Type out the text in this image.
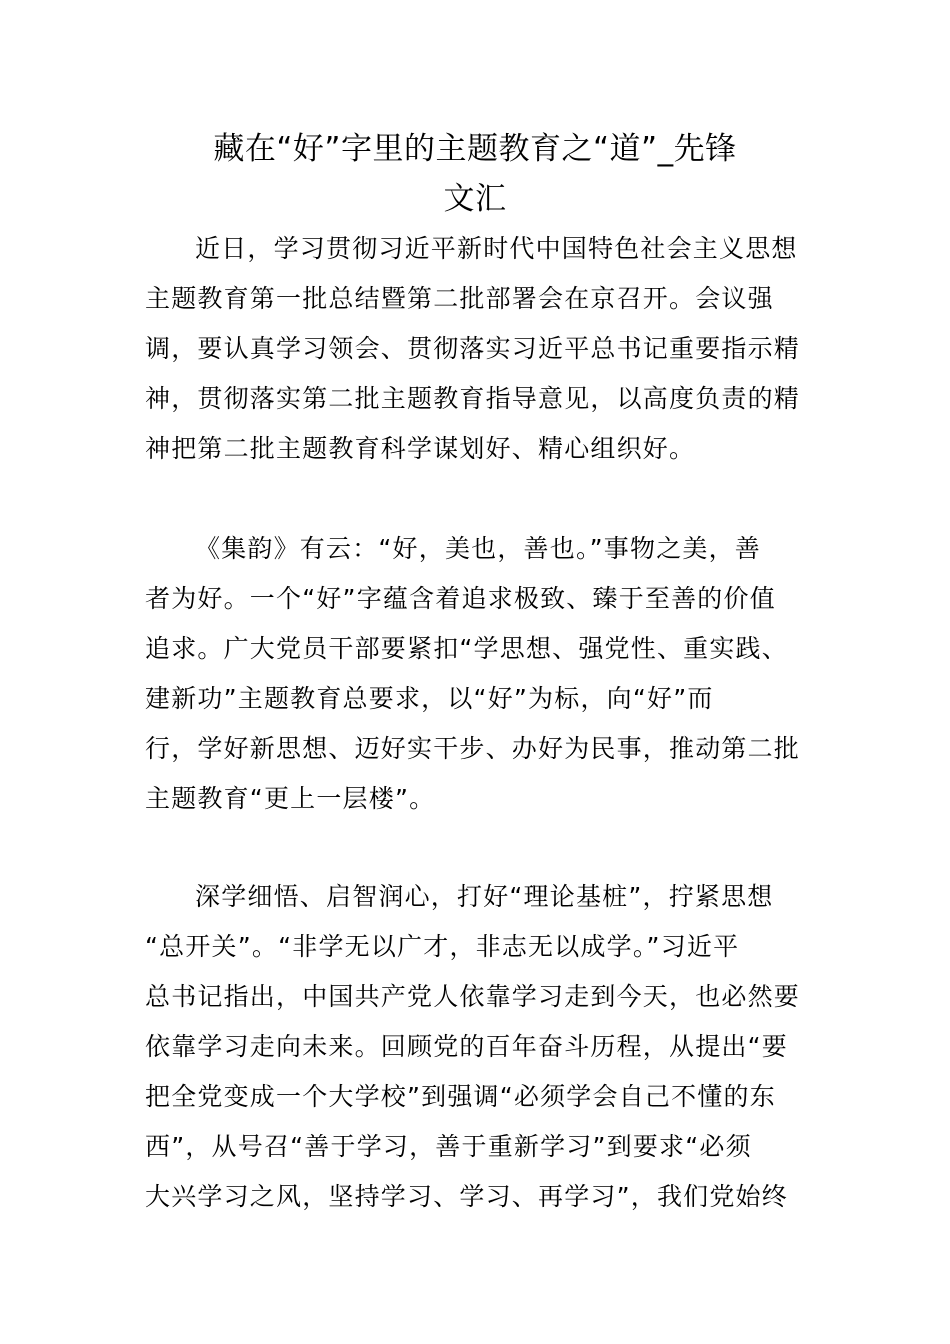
藏在“好”字里的主题教育之“道”_先锋
文汇
近日，学习贯彻习近平新时代中国特色社会主义思想
主题教育第一批总结暨第二批部署会在京召开。会议强
调，要认真学习领会、贯彻落实习近平总书记重要指示精
神，贯彻落实第二批主题教育指导意见，以高度负责的精
神把第二批主题教育科学谋划好、精心组织好。
《集韵》有云：“好，美也，善也。”事物之美，善
者为好。一个“好”字蕴含着追求极致、臻于至善的价值
追求。广大党员干部要紧扣“学思想、强党性、重实践、
建新功”主题教育总要求，以“好”为标，向“好”而
行，学好新思想、迈好实干步、办好为民事，推动第二批
主题教育“更上一层楼”。
深学细悟、启智润心，打好“理论基桩”，拧紧思想
“总开关”。“非学无以广才，非志无以成学。”习近平
总书记指出，中国共产党人依靠学习走到今天，也必然要
依靠学习走向未来。回顾党的百年奋斗历程，从提出“要
把全党变成一个大学校”到强调“必须学会自己不懂的东
西”，从号召“善于学习，善于重新学习”到要求“必须
大兴学习之风，坚持学习、学习、再学习”，我们党始终
